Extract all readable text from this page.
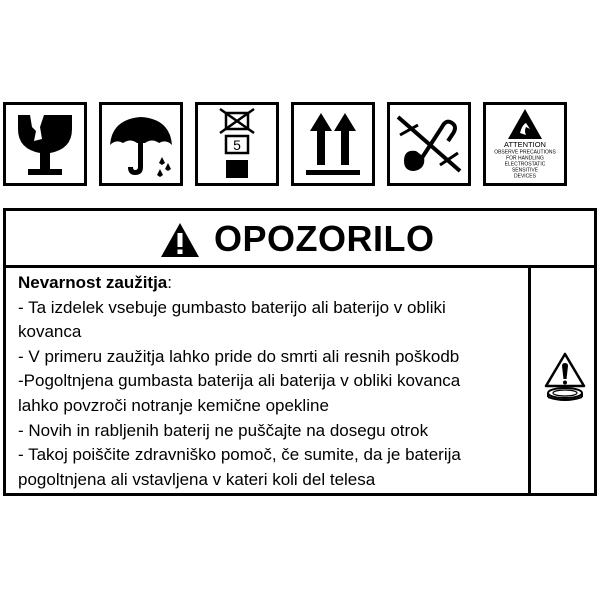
5	ATTENTION
OBSERVE PRECAUTIONS
FOR HANDLING
ELECTROSTATIC
SENSITIVE
DEVICES
OPOZORILO
Nevarnost zaužitja:
- Ta izdelek vsebuje gumbasto baterijo ali baterijo v obliki
kovanca
- V primeru zaužitja lahko pride do smrti ali resnih poškodb
-Pogoltnjena gumbasta baterija ali baterija v obliki kovanca
lahko povzroči notranje kemične opekline
- Novih in rabljenih baterij ne puščajte na dosegu otrok
- Takoj poiščite zdravniško pomoč, če sumite, da je baterija
pogoltnjena ali vstavljena v kateri koli del telesa
